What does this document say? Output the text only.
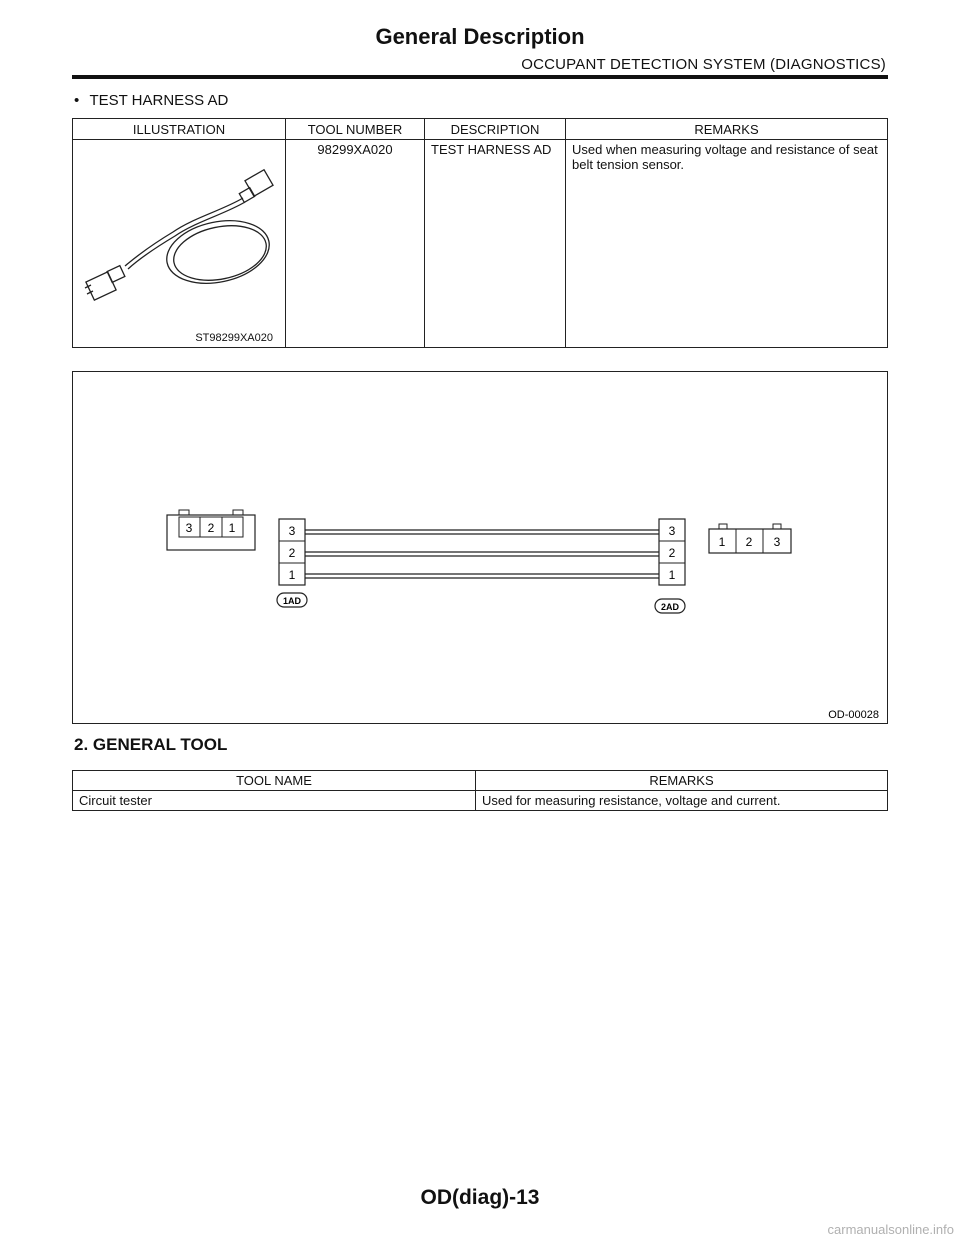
General Description
OCCUPANT DETECTION SYSTEM (DIAGNOSTICS)
• TEST HARNESS AD
ILLUSTRATION	TOOL NUMBER	DESCRIPTION	REMARKS

ST98299XA020	98299XA020	TEST HARNESS AD	Used when measuring voltage and resistance of seat belt tension sensor.
3 2 1	3
2
1
3
2
1
1 2 3
1AD
2AD
OD-00028
2. GENERAL TOOL
TOOL NAME	REMARKS
Circuit tester	Used for measuring resistance, voltage and current.
OD(diag)-13
carmanualsonline.info
